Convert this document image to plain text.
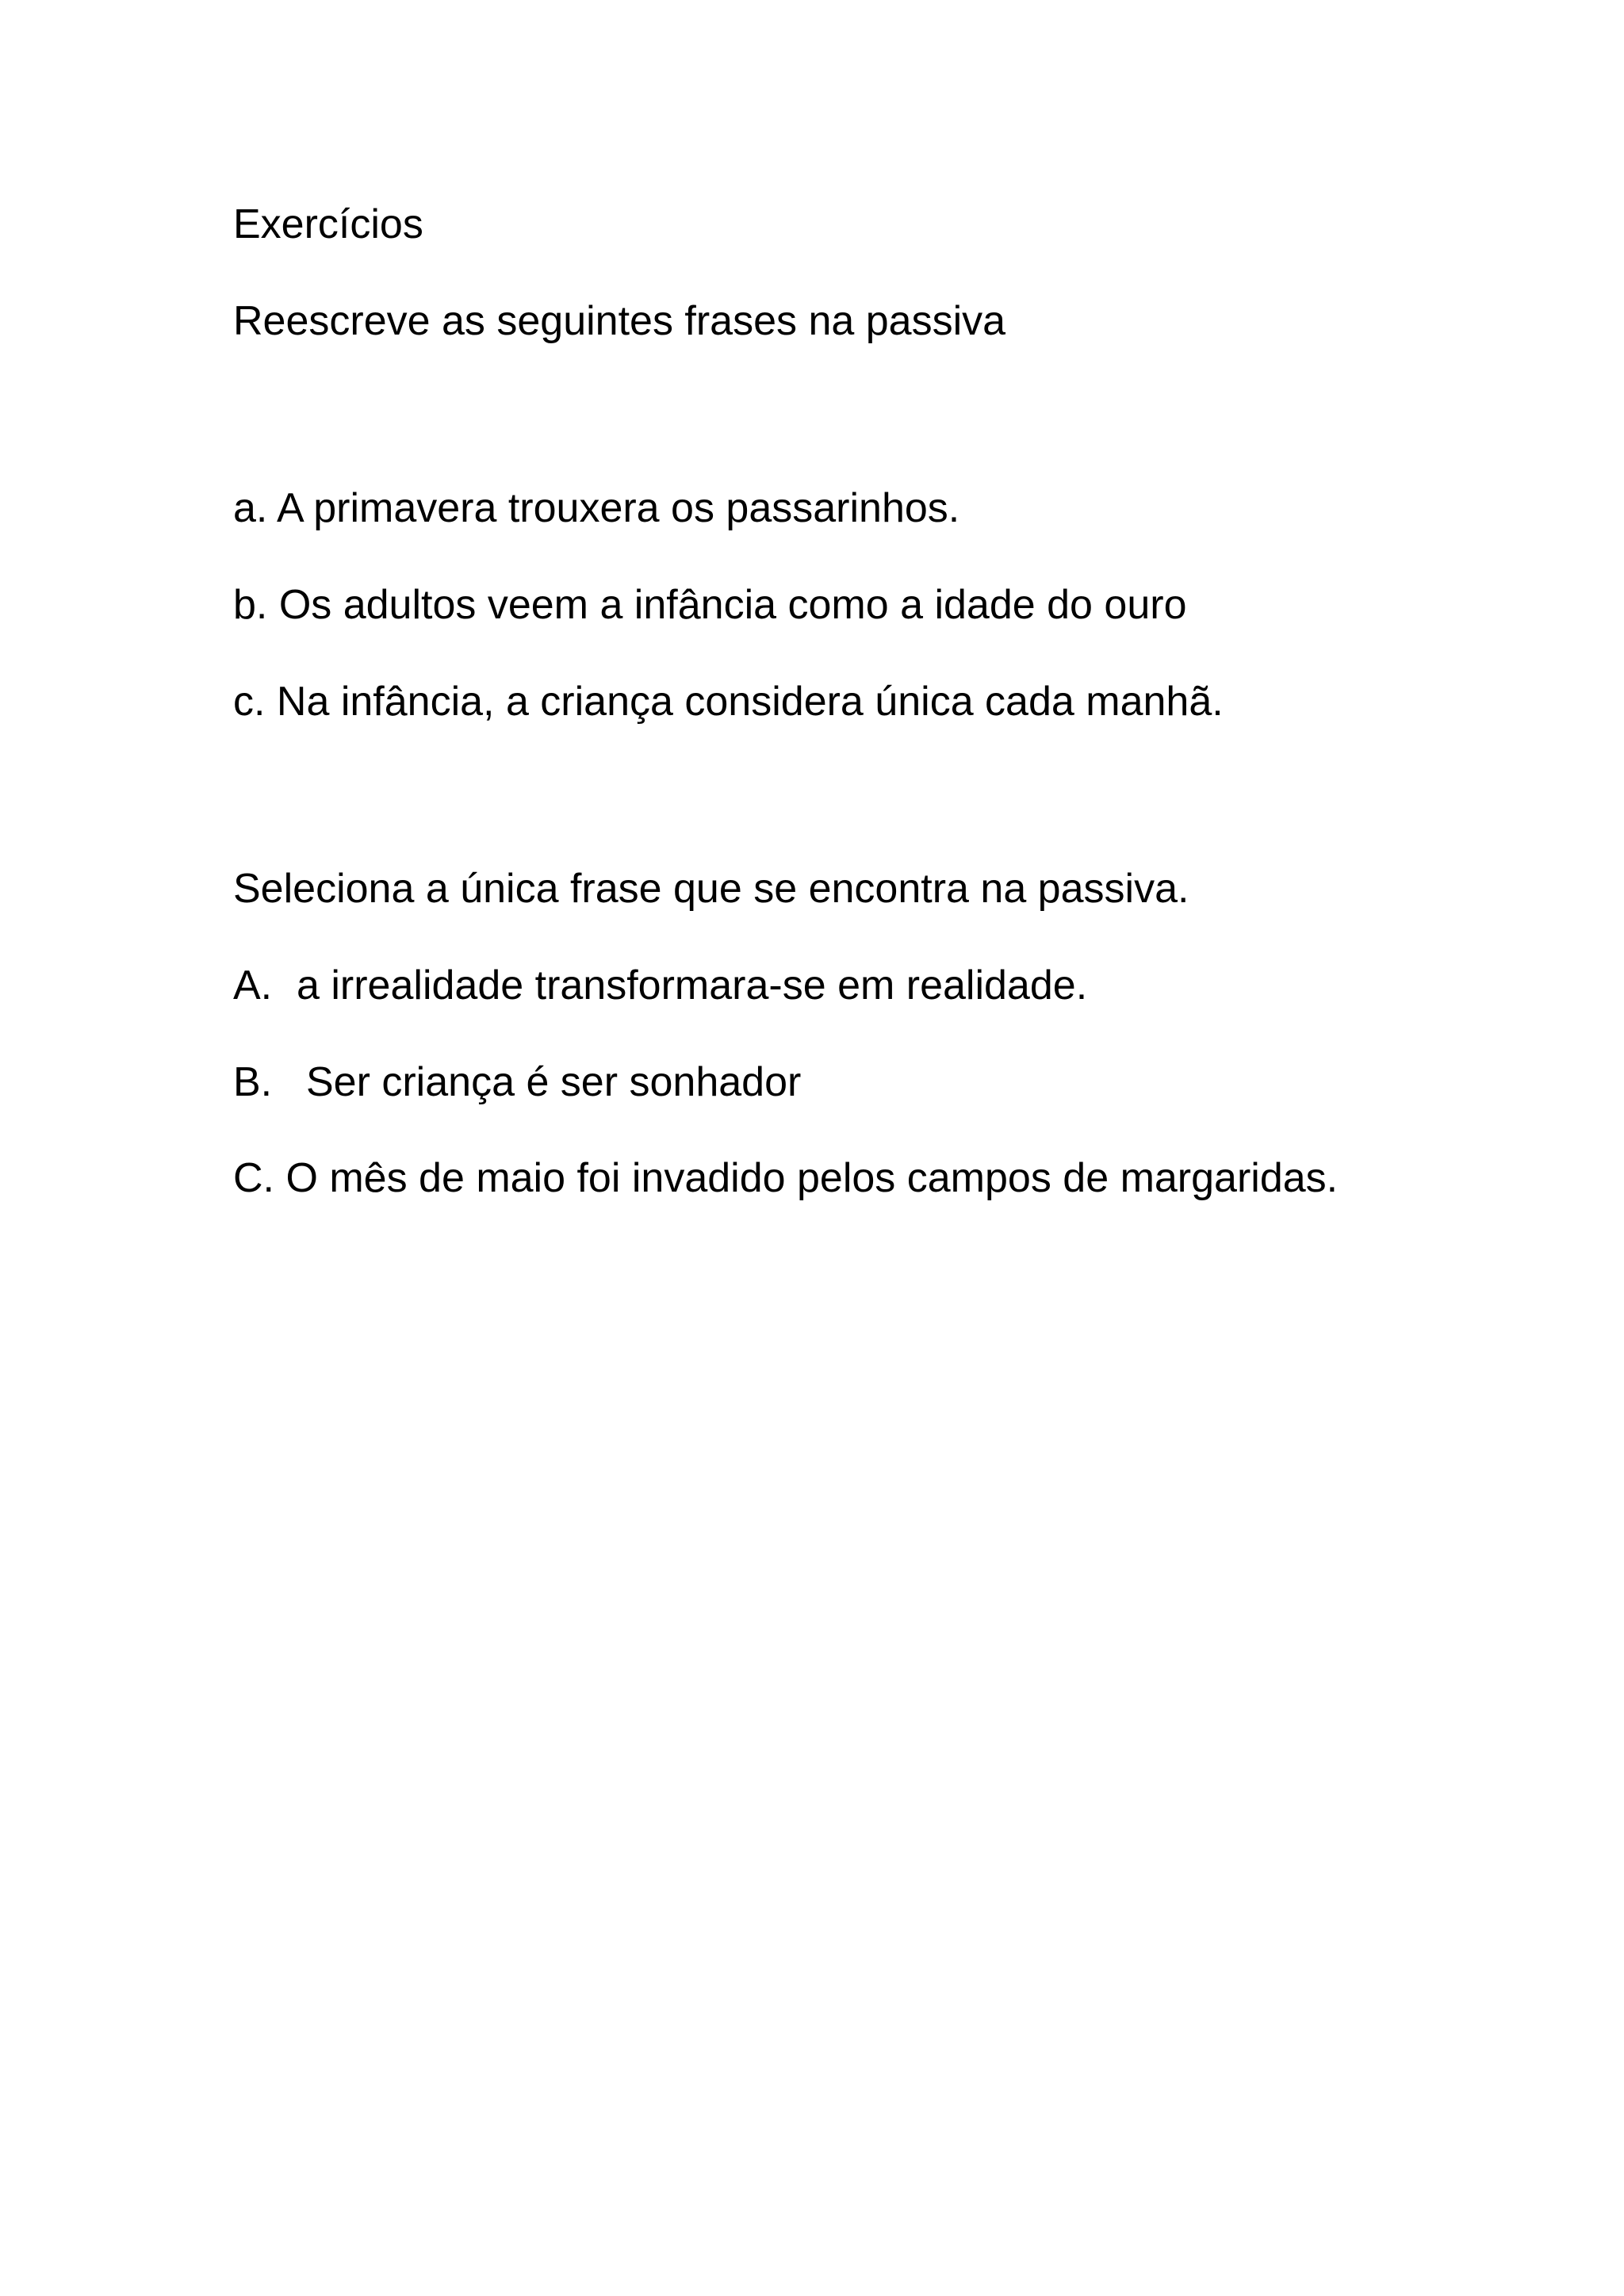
Exercícios

Reescreve as seguintes frases na passiva

a. A primavera trouxera os passarinhos.

b. Os adultos veem a infância como a idade do ouro

c. Na infância, a criança considera única cada manhã.

Seleciona a única frase que se encontra na passiva.

A. a irrealidade transformara-se em realidade.

B. Ser criança é ser sonhador

C. O mês de maio foi invadido pelos campos de margaridas.
